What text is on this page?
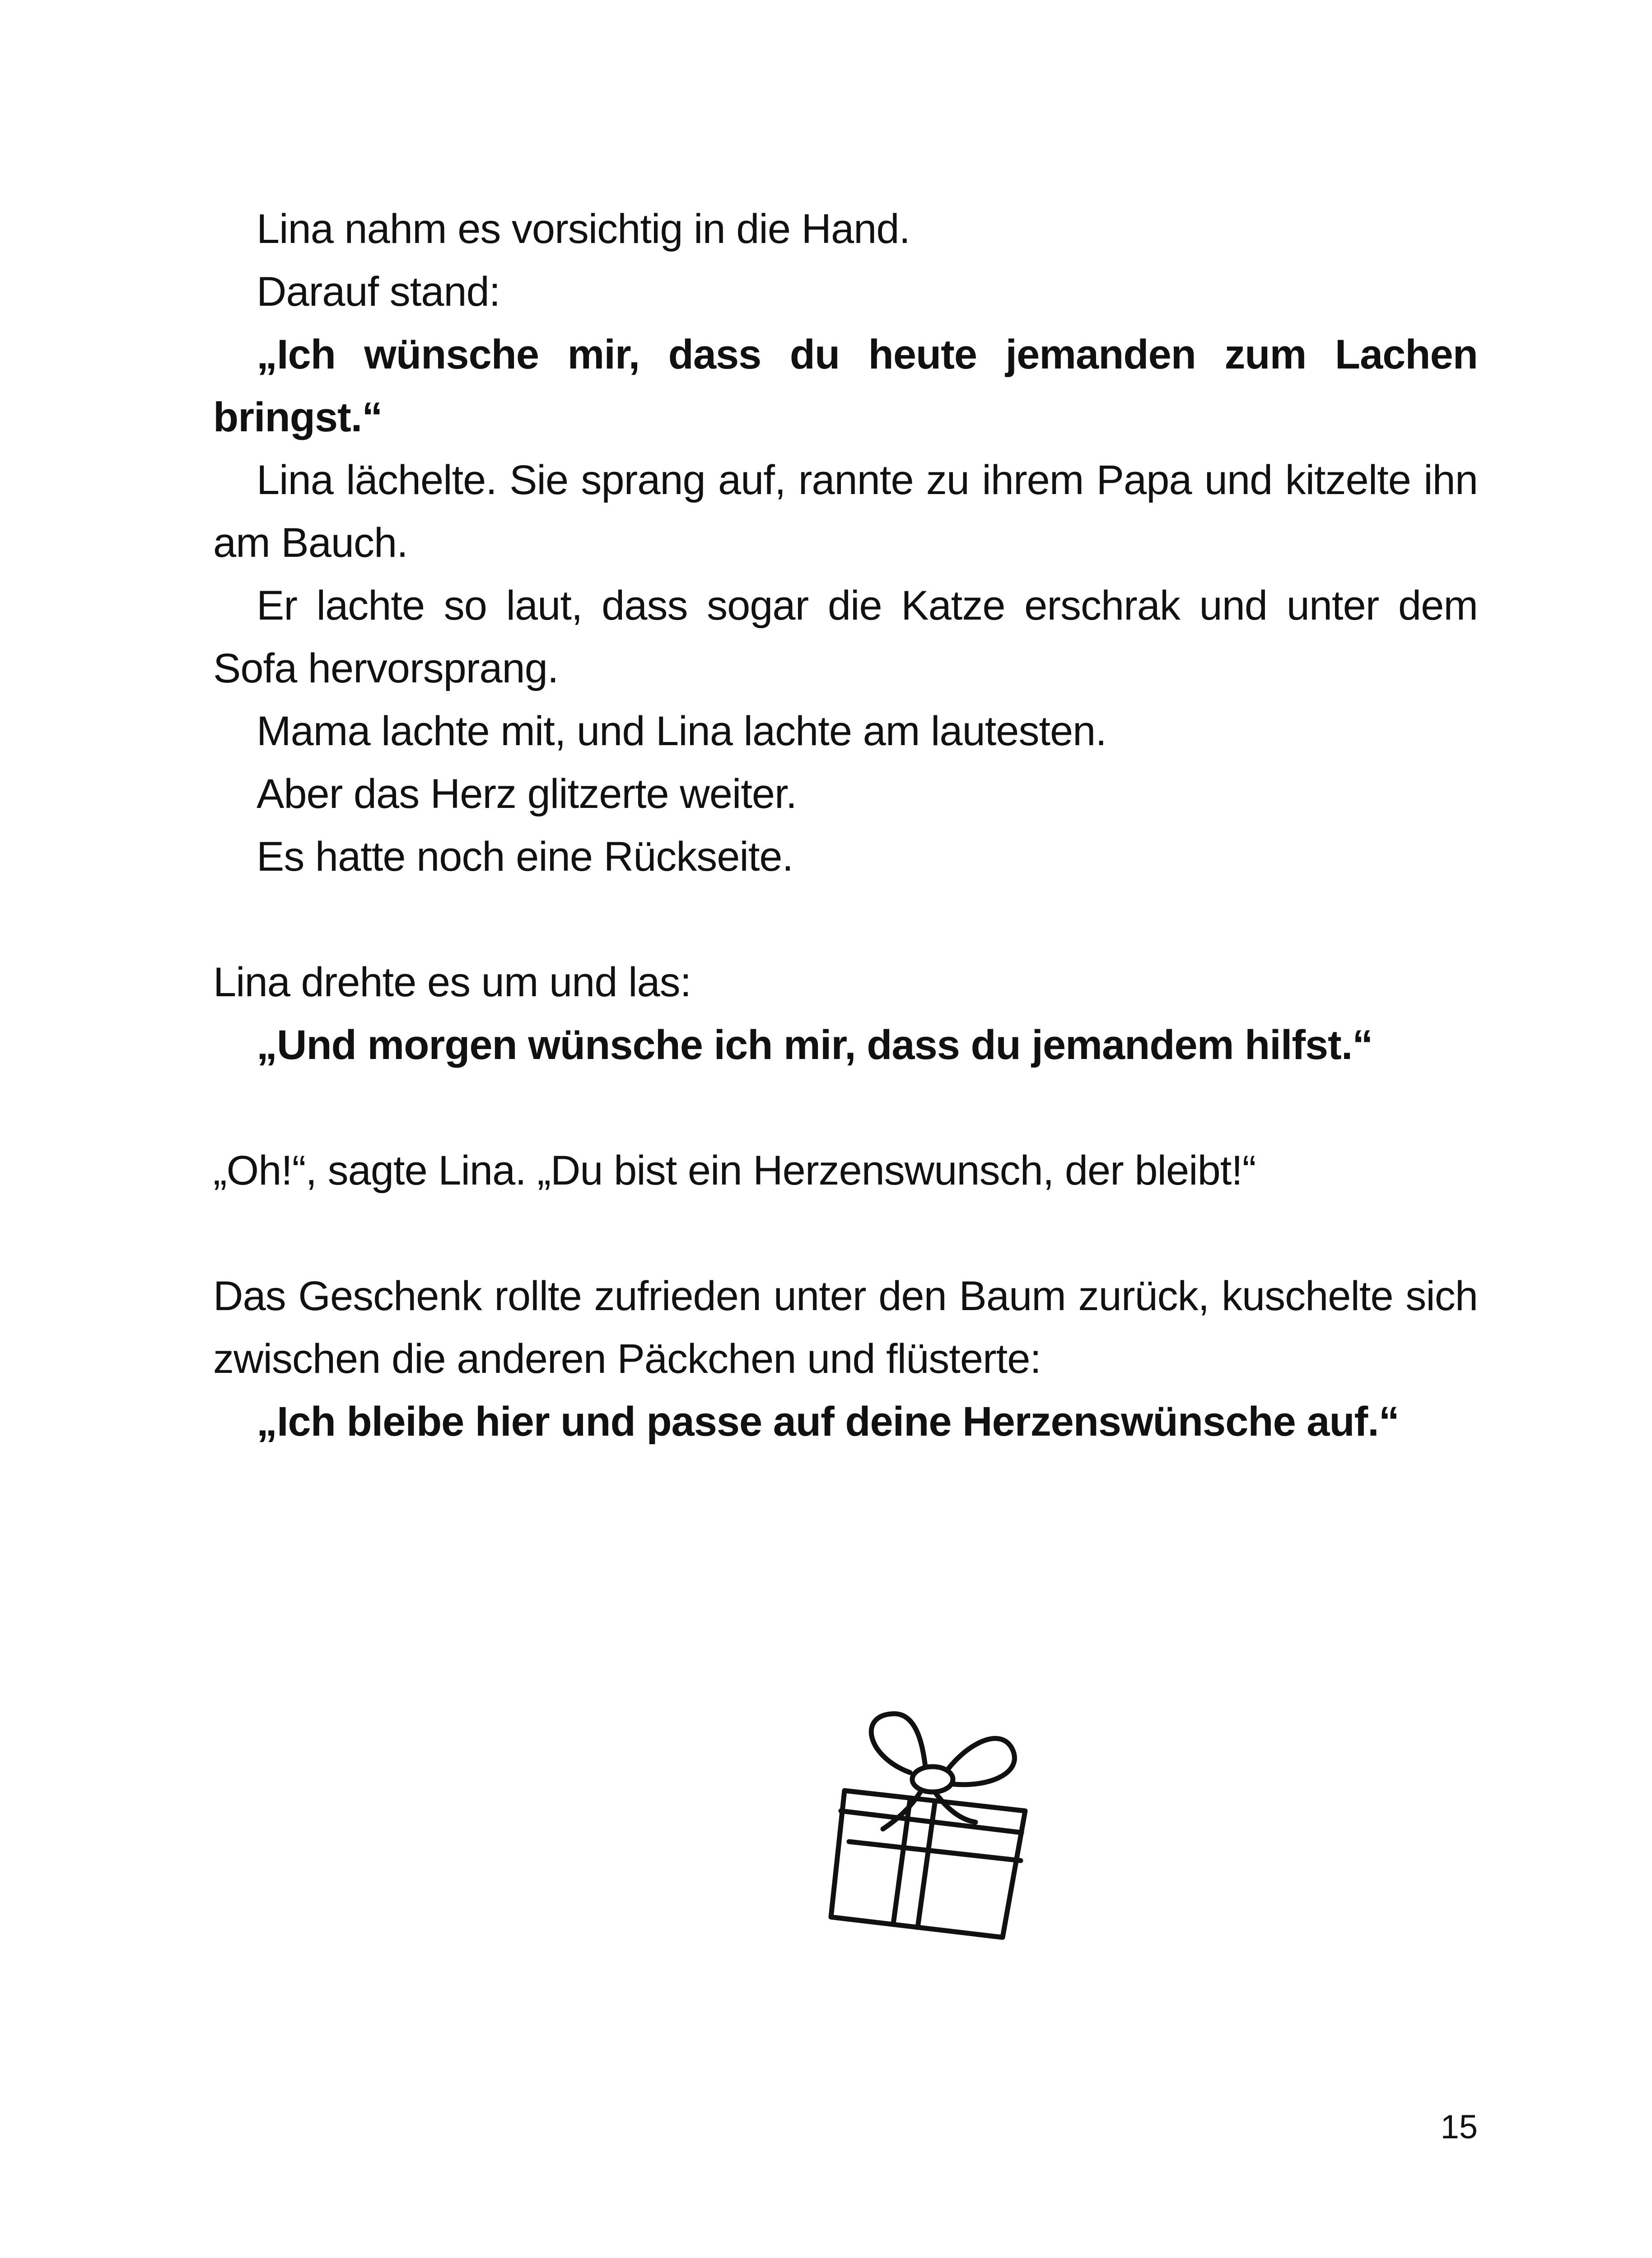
Lina nahm es vorsichtig in die Hand.

Darauf stand:

„Ich wünsche mir, dass du heute jemanden zum Lachen bringst.“

Lina lächelte. Sie sprang auf, rannte zu ihrem Papa und kitzelte ihn am Bauch.

Er lachte so laut, dass sogar die Katze erschrak und unter dem Sofa hervorsprang.

Mama lachte mit, und Lina lachte am lautesten.

Aber das Herz glitzerte weiter.

Es hatte noch eine Rückseite.

Lina drehte es um und las:

„Und morgen wünsche ich mir, dass du jemandem hilfst.“

„Oh!“, sagte Lina. „Du bist ein Herzenswunsch, der bleibt!“

Das Geschenk rollte zufrieden unter den Baum zurück, kuschelte sich zwischen die anderen Päckchen und flüsterte:

„Ich bleibe hier und passe auf deine Herzenswünsche auf.“

15
